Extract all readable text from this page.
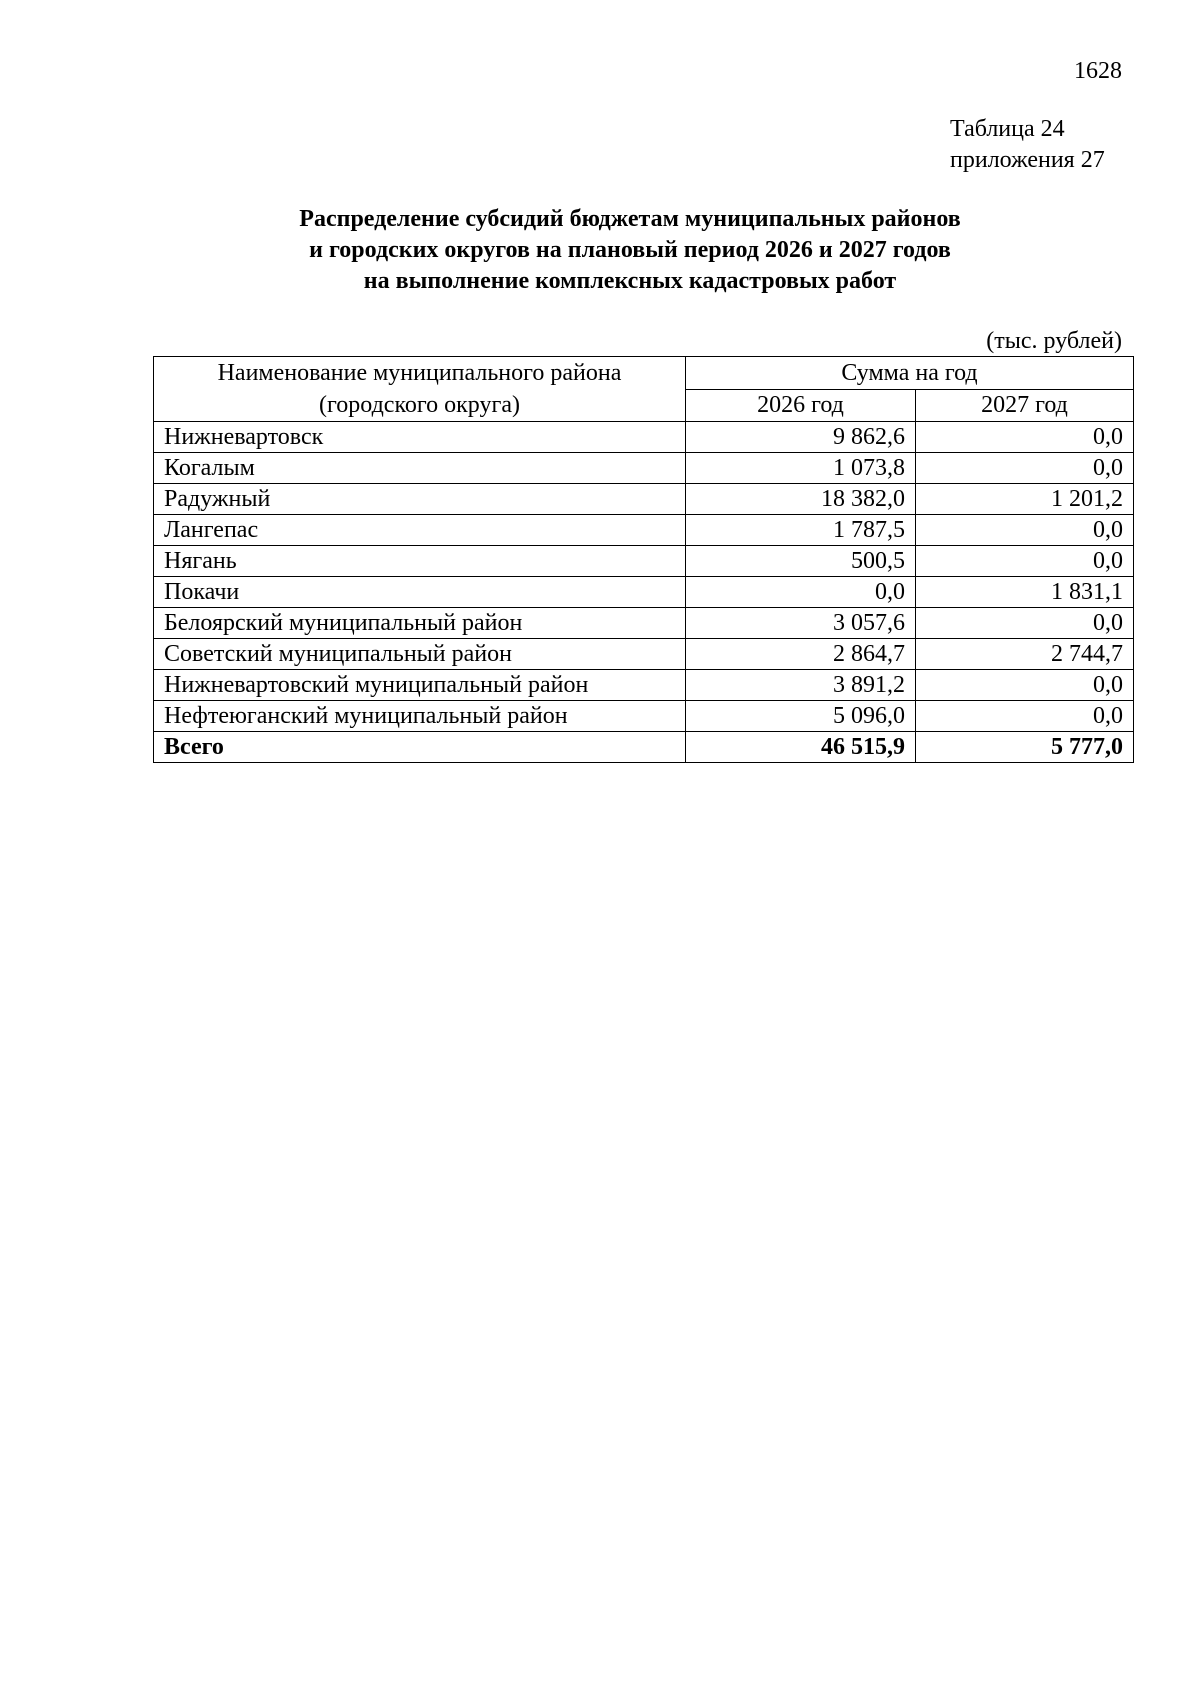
1628
Таблица 24
приложения 27
Распределение субсидий бюджетам муниципальных районов
и городских округов на плановый период 2026 и 2027 годов
на выполнение комплексных кадастровых работ
(тыс. рублей)
Наименование муниципального района
(городского округа)	Сумма на год	
	2026 год	2027 год
Нижневартовск	9 862,6	0,0
Когалым	1 073,8	0,0
Радужный	18 382,0	1 201,2
Лангепас	1 787,5	0,0
Нягань	500,5	0,0
Покачи	0,0	1 831,1
Белоярский муниципальный район	3 057,6	0,0
Советский муниципальный район	2 864,7	2 744,7
Нижневартовский муниципальный район	3 891,2	0,0
Нефтеюганский муниципальный район	5 096,0	0,0
Всего	46 515,9	5 777,0
